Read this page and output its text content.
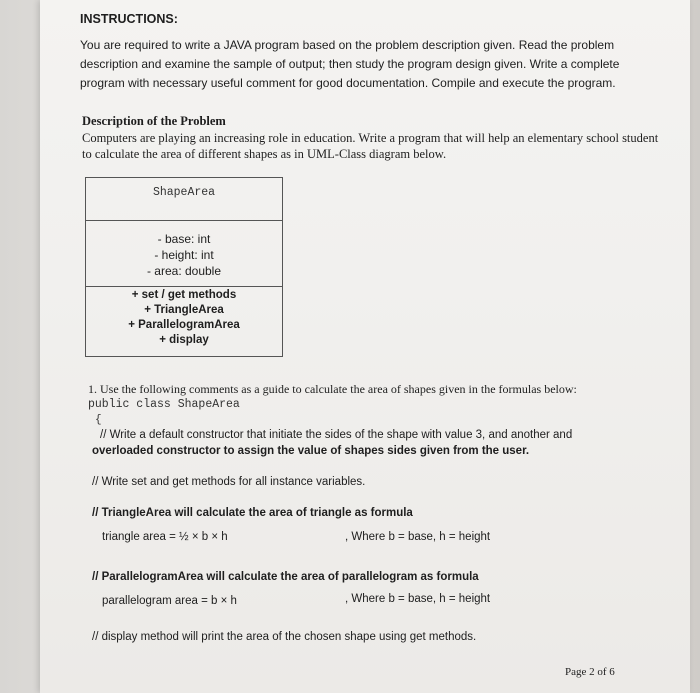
INSTRUCTIONS:
You are required to write a JAVA program based on the problem description given. Read the problem description and examine the sample of output; then study the program design given. Write a complete program with necessary useful comment for good documentation. Compile and execute the program.
Description of the Problem
Computers are playing an increasing role in education. Write a program that will help an elementary school student to calculate the area of different shapes as in UML-Class diagram below.
ShapeArea
- base: int
- height: int
- area: double
+ set / get methods
+ TriangleArea
+ ParallelogramArea
+ display
1. Use the following comments as a guide to calculate the area of shapes given in the formulas below:
public class ShapeArea
{
// Write a default constructor that initiate the sides of the shape with value 3, and another and
overloaded constructor to assign the value of shapes sides given from the user.
// Write set and get methods for all instance variables.
// TriangleArea will calculate the area of triangle as formula
triangle area = ½ × b × h	, Where b = base, h = height
// ParallelogramArea will calculate the area of parallelogram as formula
parallelogram area = b × h	, Where b = base, h = height
// display method will print the area of the chosen shape using get methods.
Page 2 of 6
